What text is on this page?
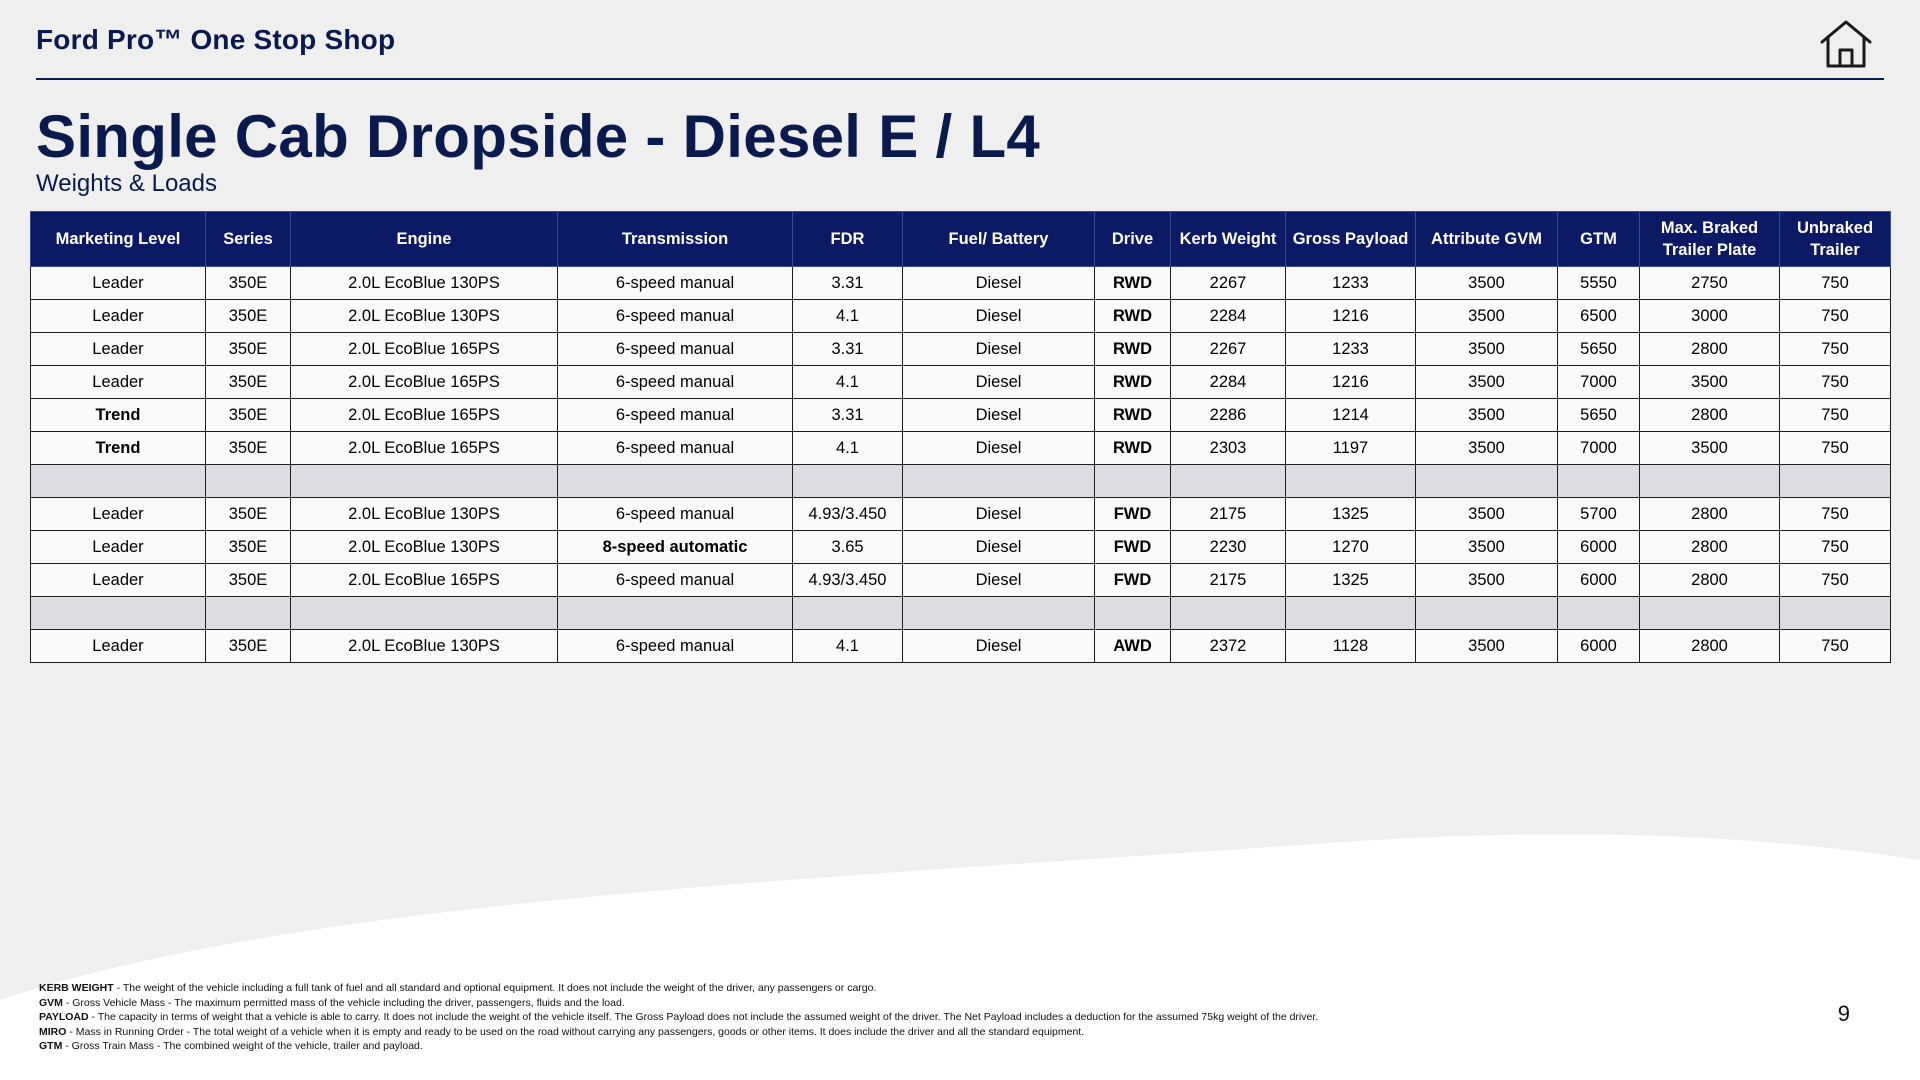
Ford Pro™ One Stop Shop
Single Cab Dropside - Diesel E / L4
Weights & Loads
Marketing Level	Series	Engine	Transmission	FDR	Fuel/ Battery	Drive	Kerb Weight	Gross Payload	Attribute GVM	GTM	Max. Braked Trailer Plate	Unbraked Trailer
Leader	350E	2.0L EcoBlue 130PS	6-speed manual	3.31	Diesel	RWD	2267	1233	3500	5550	2750	750
Leader	350E	2.0L EcoBlue 130PS	6-speed manual	4.1	Diesel	RWD	2284	1216	3500	6500	3000	750
Leader	350E	2.0L EcoBlue 165PS	6-speed manual	3.31	Diesel	RWD	2267	1233	3500	5650	2800	750
Leader	350E	2.0L EcoBlue 165PS	6-speed manual	4.1	Diesel	RWD	2284	1216	3500	7000	3500	750
Trend	350E	2.0L EcoBlue 165PS	6-speed manual	3.31	Diesel	RWD	2286	1214	3500	5650	2800	750
Trend	350E	2.0L EcoBlue 165PS	6-speed manual	4.1	Diesel	RWD	2303	1197	3500	7000	3500	750

Leader	350E	2.0L EcoBlue 130PS	6-speed manual	4.93/3.450	Diesel	FWD	2175	1325	3500	5700	2800	750
Leader	350E	2.0L EcoBlue 130PS	8-speed automatic	3.65	Diesel	FWD	2230	1270	3500	6000	2800	750
Leader	350E	2.0L EcoBlue 165PS	6-speed manual	4.93/3.450	Diesel	FWD	2175	1325	3500	6000	2800	750

Leader	350E	2.0L EcoBlue 130PS	6-speed manual	4.1	Diesel	AWD	2372	1128	3500	6000	2800	750
KERB WEIGHT - The weight of the vehicle including a full tank of fuel and all standard and optional equipment. It does not include the weight of the driver, any passengers or cargo.
GVM - Gross Vehicle Mass - The maximum permitted mass of the vehicle including the driver, passengers, fluids and the load.
PAYLOAD - The capacity in terms of weight that a vehicle is able to carry. It does not include the weight of the vehicle itself. The Gross Payload does not include the assumed weight of the driver. The Net Payload includes a deduction for the assumed 75kg weight of the driver.
MIRO - Mass in Running Order - The total weight of a vehicle when it is empty and ready to be used on the road without carrying any passengers, goods or other items. It does include the driver and all the standard equipment.
GTM - Gross Train Mass - The combined weight of the vehicle, trailer and payload.
9
